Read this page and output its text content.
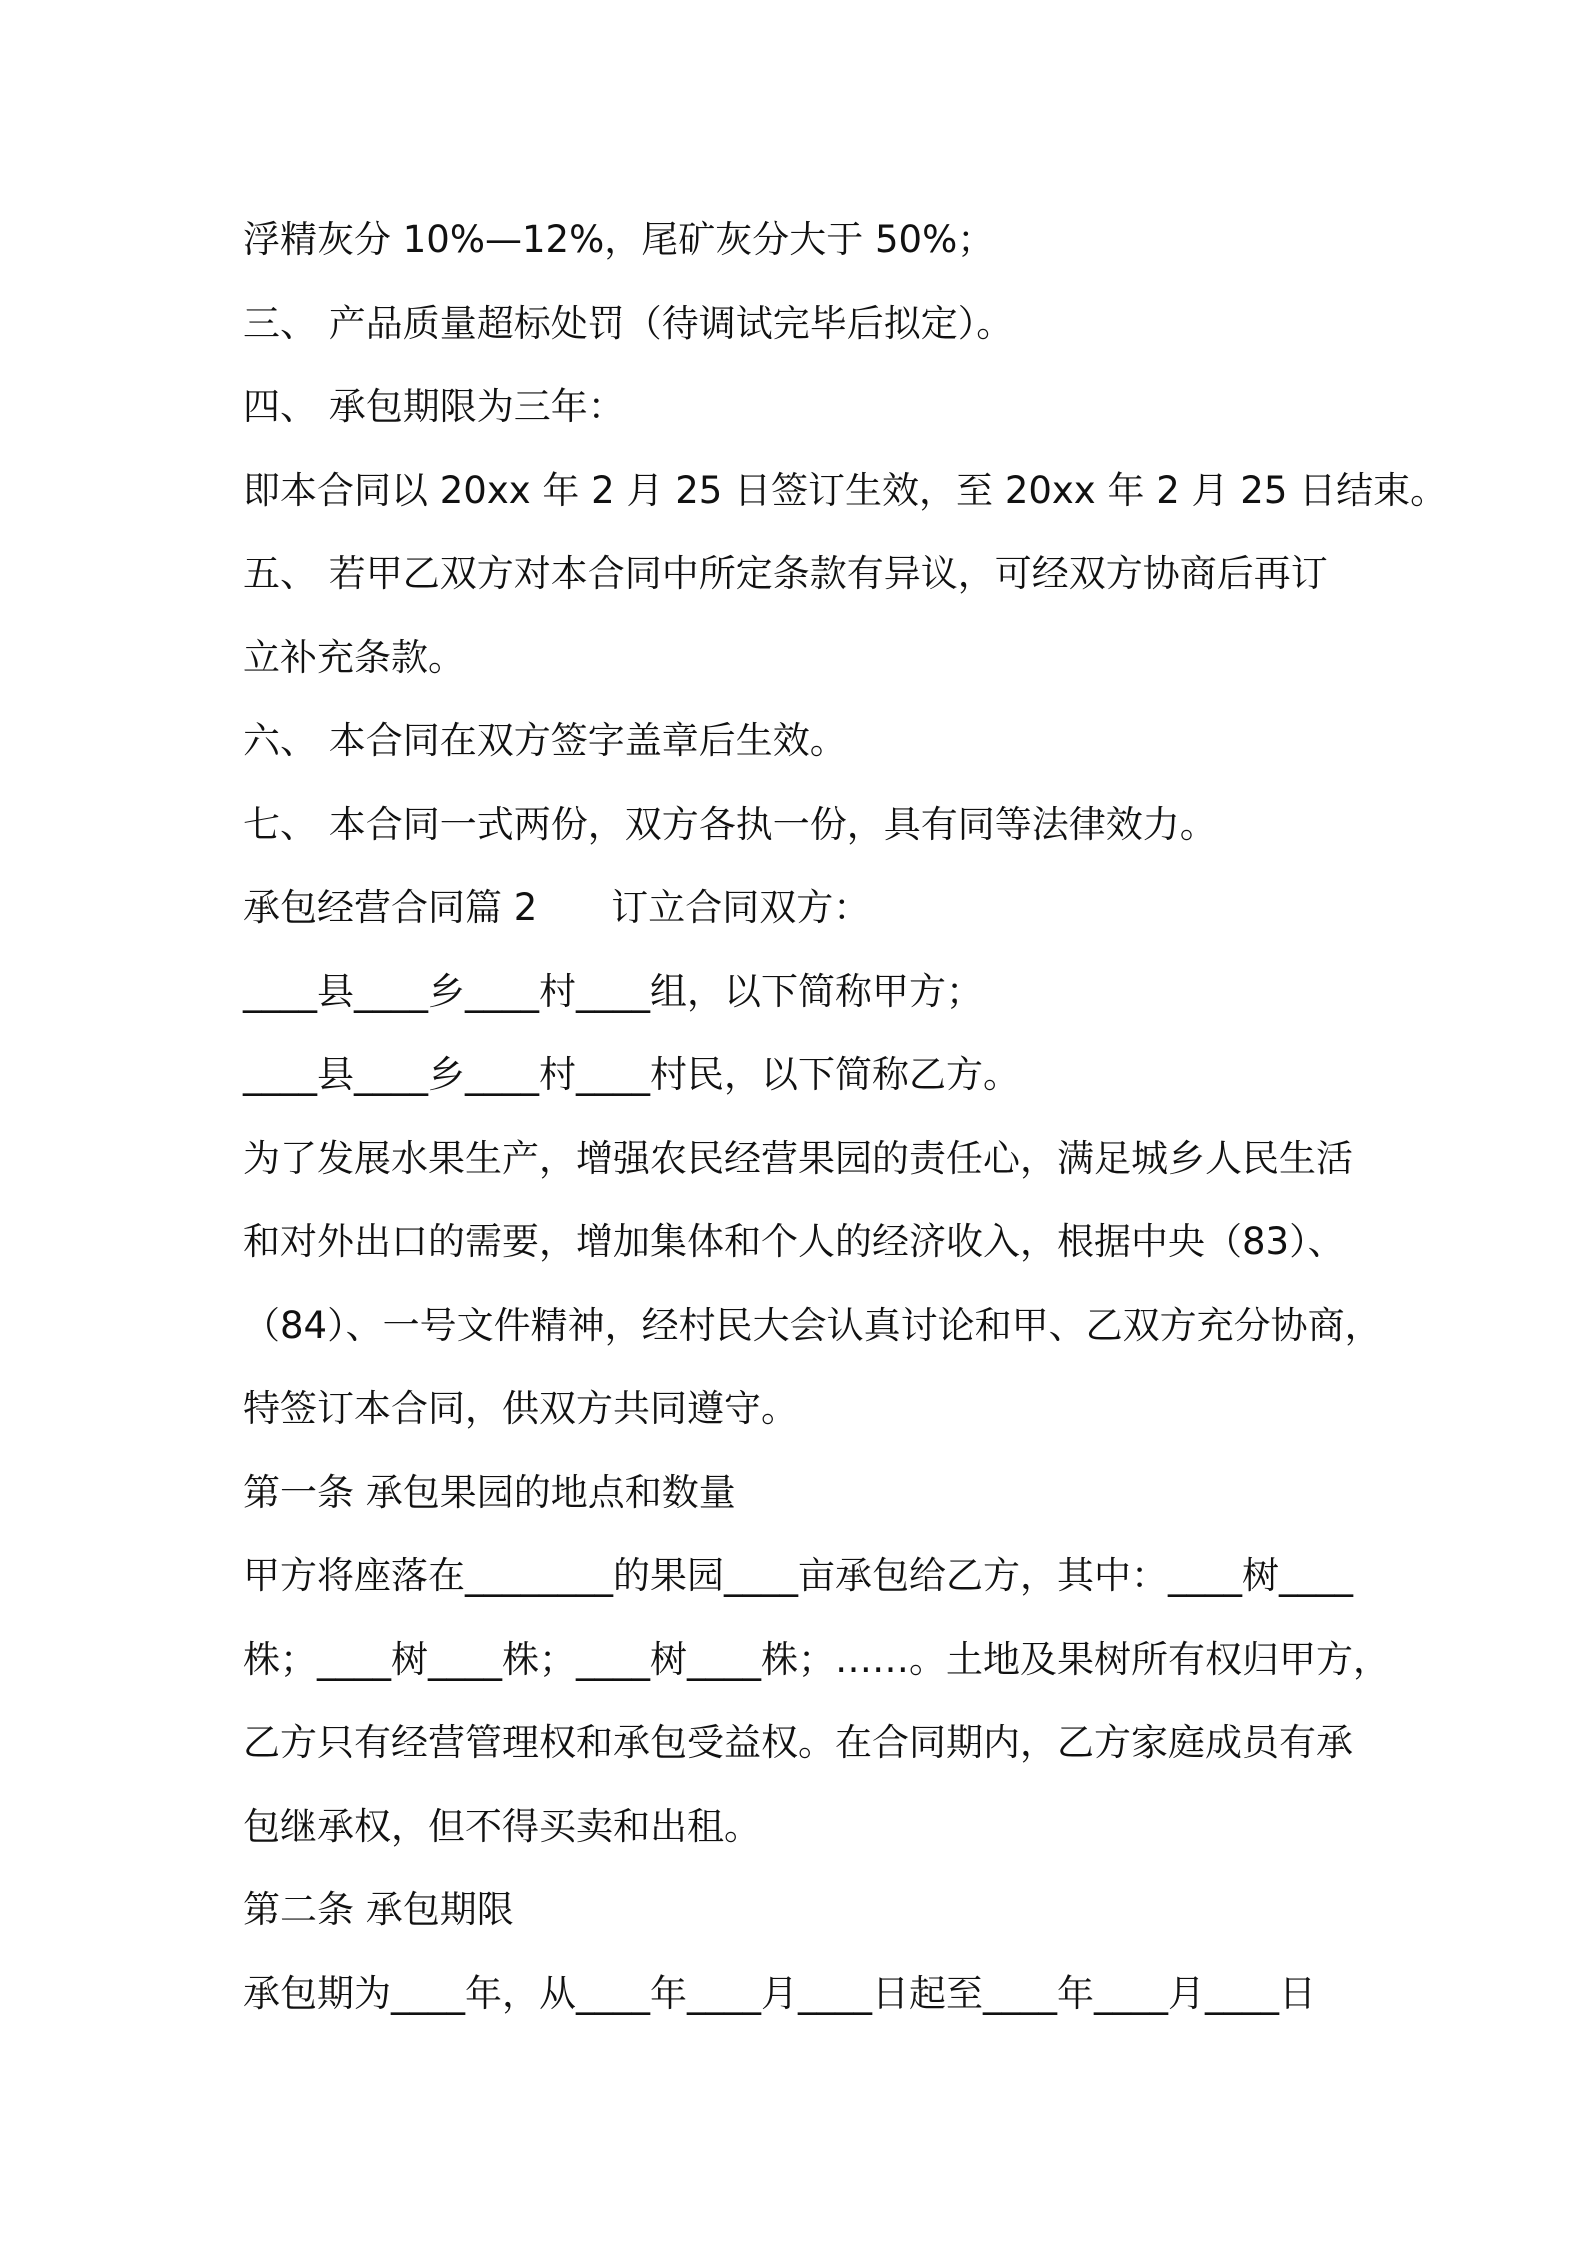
浮精灰分 10%—12%，尾矿灰分大于 50%；
三、 产品质量超标处罚（待调试完毕后拟定）。
四、 承包期限为三年：
即本合同以 20xx 年 2 月 25 日签订生效，至 20xx 年 2 月 25 日结束。
五、 若甲乙双方对本合同中所定条款有异议，可经双方协商后再订
立补充条款。
六、 本合同在双方签字盖章后生效。
七、 本合同一式两份，双方各执一份，具有同等法律效力。
承包经营合同篇 2　　订立合同双方：
____县____乡____村____组，以下简称甲方；
____县____乡____村____村民，以下简称乙方。
为了发展水果生产，增强农民经营果园的责任心，满足城乡人民生活
和对外出口的需要，增加集体和个人的经济收入，根据中央（83）、
（84）、一号文件精神，经村民大会认真讨论和甲、乙双方充分协商，
特签订本合同，供双方共同遵守。
第一条 承包果园的地点和数量
甲方将座落在________的果园____亩承包给乙方，其中：____树____
株；____树____株；____树____株；……。土地及果树所有权归甲方，
乙方只有经营管理权和承包受益权。在合同期内，乙方家庭成员有承
包继承权，但不得买卖和出租。
第二条 承包期限
承包期为____年，从____年____月____日起至____年____月____日
